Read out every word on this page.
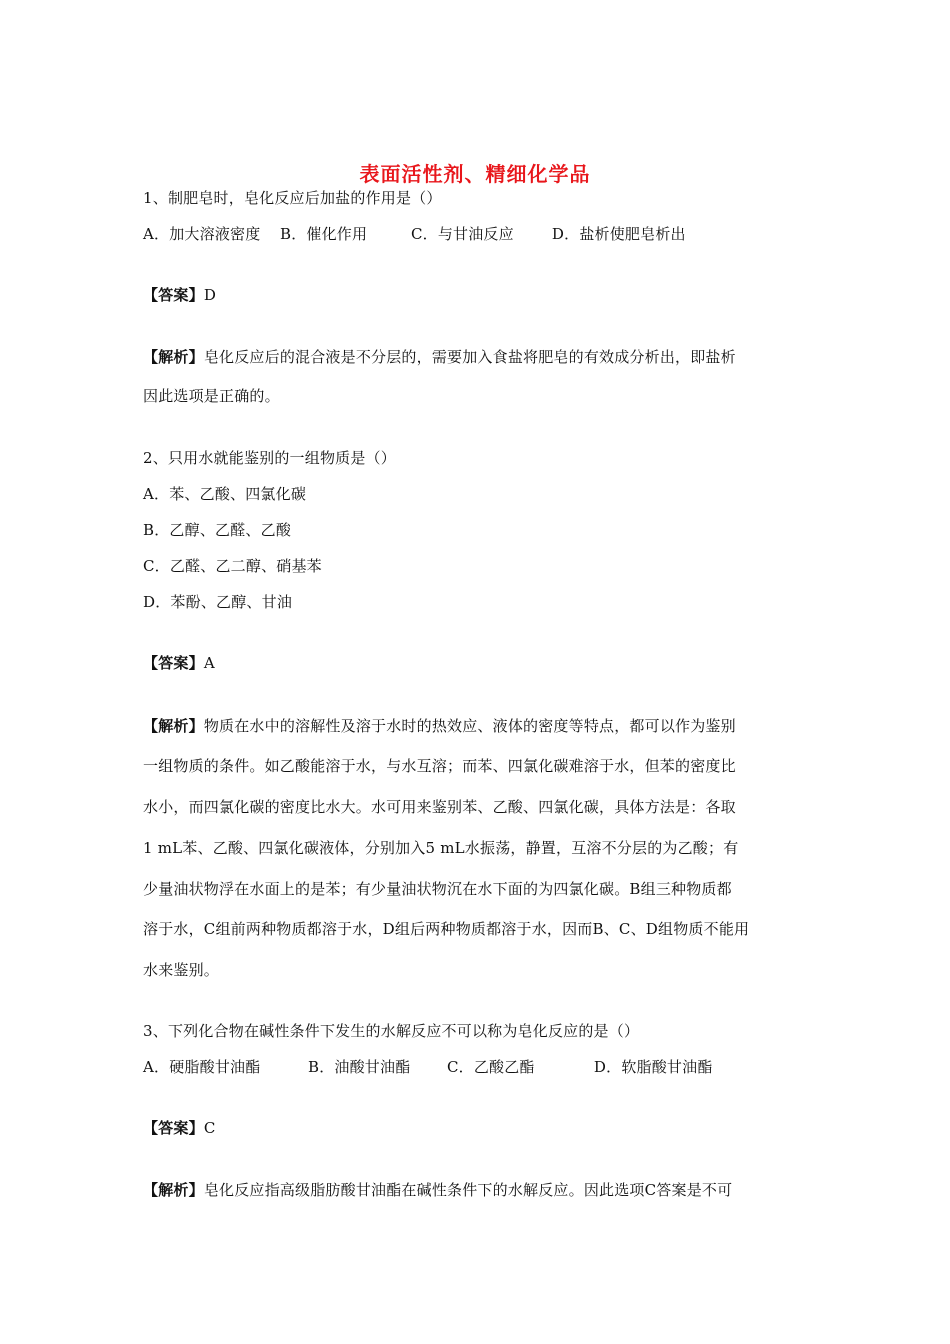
表面活性剂、精细化学品
1、制肥皂时，皂化反应后加盐的作用是（）
A．加大溶液密度 B．催化作用	C．与甘油反应	D．盐析使肥皂析出
【答案】D
【解析】皂化反应后的混合液是不分层的，需要加入食盐将肥皂的有效成分析出，即盐析
因此选项是正确的。
2、只用水就能鉴别的一组物质是（）
A．苯、乙酸、四氯化碳
B．乙醇、乙醛、乙酸
C．乙醛、乙二醇、硝基苯
D．苯酚、乙醇、甘油
【答案】A
【解析】物质在水中的溶解性及溶于水时的热效应、液体的密度等特点，都可以作为鉴别
一组物质的条件。如乙酸能溶于水，与水互溶；而苯、四氯化碳难溶于水，但苯的密度比
水小，而四氯化碳的密度比水大。水可用来鉴别苯、乙酸、四氯化碳，具体方法是：各取
1 mL苯、乙酸、四氯化碳液体，分别加入5 mL水振荡，静置，互溶不分层的为乙酸；有
少量油状物浮在水面上的是苯；有少量油状物沉在水下面的为四氯化碳。B组三种物质都
溶于水，C组前两种物质都溶于水，D组后两种物质都溶于水，因而B、C、D组物质不能用
水来鉴别。
3、下列化合物在碱性条件下发生的水解反应不可以称为皂化反应的是（）
A．硬脂酸甘油酯	B．油酸甘油酯 C．乙酸乙酯	D．软脂酸甘油酯
【答案】C
【解析】皂化反应指高级脂肪酸甘油酯在碱性条件下的水解反应。因此选项C答案是不可
